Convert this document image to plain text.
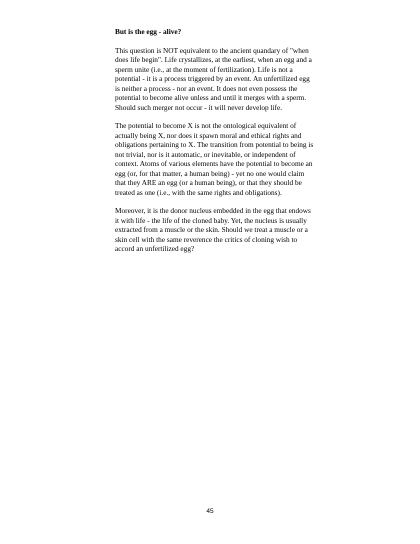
But is the egg - alive?

This question is NOT equivalent to the ancient quandary of "when does life begin". Life crystallizes, at the earliest, when an egg and a sperm unite (i.e., at the moment of fertilization). Life is not a potential - it is a process triggered by an event. An unfertilized egg is neither a process - nor an event. It does not even possess the potential to become alive unless and until it merges with a sperm. Should such merger not occur - it will never develop life.

The potential to become X is not the ontological equivalent of actually being X, nor does it spawn moral and ethical rights and obligations pertaining to X. The transition from potential to being is not trivial, nor is it automatic, or inevitable, or independent of context. Atoms of various elements have the potential to become an egg (or, for that matter, a human being) - yet no one would claim that they ARE an egg (or a human being), or that they should be treated as one (i.e., with the same rights and obligations).

Moreover, it is the donor nucleus embedded in the egg that endows it with life - the life of the cloned baby. Yet, the nucleus is usually extracted from a muscle or the skin. Should we treat a muscle or a skin cell with the same reverence the critics of cloning wish to accord an unfertilized egg?

45
